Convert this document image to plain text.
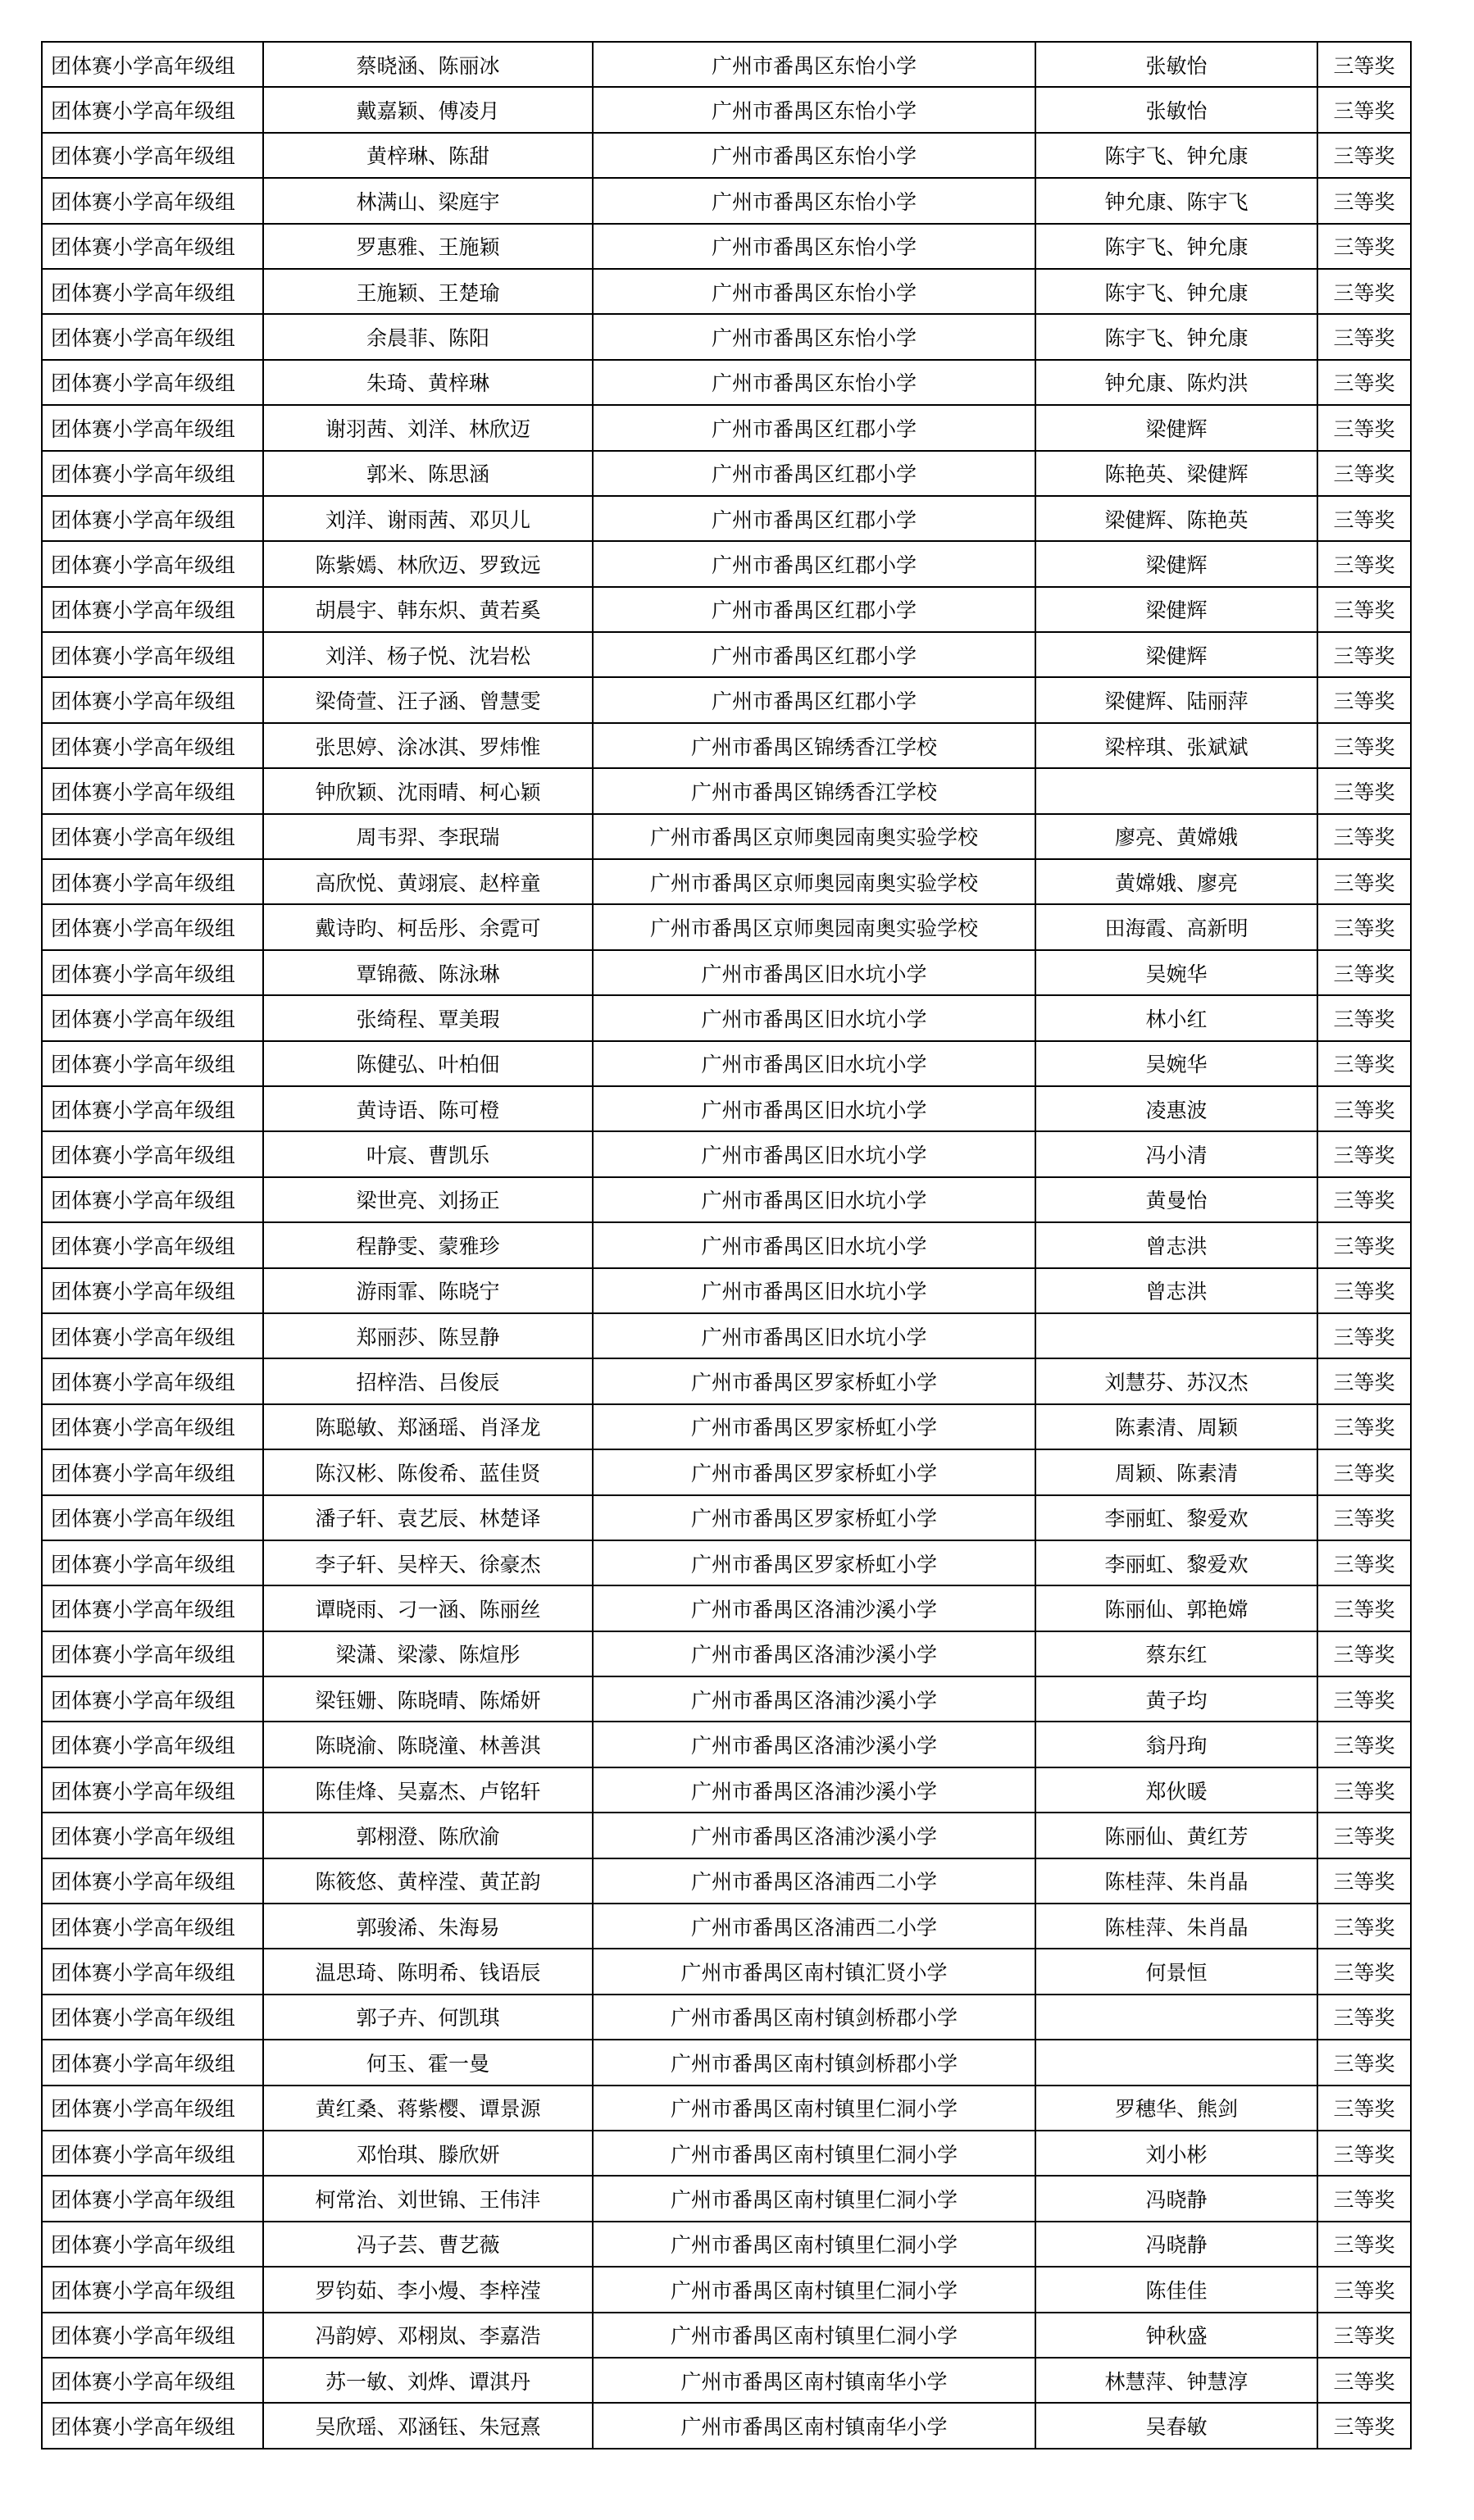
团体赛小学高年级组	蔡晓涵、陈丽冰	广州市番禺区东怡小学	张敏怡	三等奖
团体赛小学高年级组	戴嘉颖、傅凌月	广州市番禺区东怡小学	张敏怡	三等奖
团体赛小学高年级组	黄梓琳、陈甜	广州市番禺区东怡小学	陈宇飞、钟允康	三等奖
团体赛小学高年级组	林满山、梁庭宇	广州市番禺区东怡小学	钟允康、陈宇飞	三等奖
团体赛小学高年级组	罗惠雅、王施颖	广州市番禺区东怡小学	陈宇飞、钟允康	三等奖
团体赛小学高年级组	王施颖、王楚瑜	广州市番禺区东怡小学	陈宇飞、钟允康	三等奖
团体赛小学高年级组	余晨菲、陈阳	广州市番禺区东怡小学	陈宇飞、钟允康	三等奖
团体赛小学高年级组	朱琦、黄梓琳	广州市番禺区东怡小学	钟允康、陈灼洪	三等奖
团体赛小学高年级组	谢羽茜、刘洋、林欣迈	广州市番禺区红郡小学	梁健辉	三等奖
团体赛小学高年级组	郭米、陈思涵	广州市番禺区红郡小学	陈艳英、梁健辉	三等奖
团体赛小学高年级组	刘洋、谢雨茜、邓贝儿	广州市番禺区红郡小学	梁健辉、陈艳英	三等奖
团体赛小学高年级组	陈紫嫣、林欣迈、罗致远	广州市番禺区红郡小学	梁健辉	三等奖
团体赛小学高年级组	胡晨宇、韩东炽、黄若奚	广州市番禺区红郡小学	梁健辉	三等奖
团体赛小学高年级组	刘洋、杨子悦、沈岩松	广州市番禺区红郡小学	梁健辉	三等奖
团体赛小学高年级组	梁倚萱、汪子涵、曾慧雯	广州市番禺区红郡小学	梁健辉、陆丽萍	三等奖
团体赛小学高年级组	张思婷、涂冰淇、罗炜惟	广州市番禺区锦绣香江学校	梁梓琪、张斌斌	三等奖
团体赛小学高年级组	钟欣颖、沈雨晴、柯心颖	广州市番禺区锦绣香江学校		三等奖
团体赛小学高年级组	周韦羿、李珉瑞	广州市番禺区京师奥园南奥实验学校	廖亮、黄嫦娥	三等奖
团体赛小学高年级组	高欣悦、黄翊宸、赵梓童	广州市番禺区京师奥园南奥实验学校	黄嫦娥、廖亮	三等奖
团体赛小学高年级组	戴诗昀、柯岳彤、余霓可	广州市番禺区京师奥园南奥实验学校	田海霞、高新明	三等奖
团体赛小学高年级组	覃锦薇、陈泳琳	广州市番禺区旧水坑小学	吴婉华	三等奖
团体赛小学高年级组	张绮程、覃美瑕	广州市番禺区旧水坑小学	林小红	三等奖
团体赛小学高年级组	陈健弘、叶柏佃	广州市番禺区旧水坑小学	吴婉华	三等奖
团体赛小学高年级组	黄诗语、陈可橙	广州市番禺区旧水坑小学	凌惠波	三等奖
团体赛小学高年级组	叶宸、曹凯乐	广州市番禺区旧水坑小学	冯小清	三等奖
团体赛小学高年级组	梁世亮、刘扬正	广州市番禺区旧水坑小学	黄曼怡	三等奖
团体赛小学高年级组	程静雯、蒙雅珍	广州市番禺区旧水坑小学	曾志洪	三等奖
团体赛小学高年级组	游雨霏、陈晓宁	广州市番禺区旧水坑小学	曾志洪	三等奖
团体赛小学高年级组	郑丽莎、陈昱静	广州市番禺区旧水坑小学		三等奖
团体赛小学高年级组	招梓浩、吕俊辰	广州市番禺区罗家桥虹小学	刘慧芬、苏汉杰	三等奖
团体赛小学高年级组	陈聪敏、郑涵瑶、肖泽龙	广州市番禺区罗家桥虹小学	陈素清、周颖	三等奖
团体赛小学高年级组	陈汉彬、陈俊希、蓝佳贤	广州市番禺区罗家桥虹小学	周颖、陈素清	三等奖
团体赛小学高年级组	潘子轩、袁艺辰、林楚译	广州市番禺区罗家桥虹小学	李丽虹、黎爱欢	三等奖
团体赛小学高年级组	李子轩、吴梓天、徐豪杰	广州市番禺区罗家桥虹小学	李丽虹、黎爱欢	三等奖
团体赛小学高年级组	谭晓雨、刁一涵、陈丽丝	广州市番禺区洛浦沙溪小学	陈丽仙、郭艳嫦	三等奖
团体赛小学高年级组	梁潇、梁濛、陈煊彤	广州市番禺区洛浦沙溪小学	蔡东红	三等奖
团体赛小学高年级组	梁钰姗、陈晓晴、陈烯妍	广州市番禺区洛浦沙溪小学	黄子均	三等奖
团体赛小学高年级组	陈晓渝、陈晓潼、林善淇	广州市番禺区洛浦沙溪小学	翁丹珣	三等奖
团体赛小学高年级组	陈佳烽、吴嘉杰、卢铭轩	广州市番禺区洛浦沙溪小学	郑伙暖	三等奖
团体赛小学高年级组	郭栩澄、陈欣渝	广州市番禺区洛浦沙溪小学	陈丽仙、黄红芳	三等奖
团体赛小学高年级组	陈筱悠、黄梓滢、黄芷韵	广州市番禺区洛浦西二小学	陈桂萍、朱肖晶	三等奖
团体赛小学高年级组	郭骏浠、朱海易	广州市番禺区洛浦西二小学	陈桂萍、朱肖晶	三等奖
团体赛小学高年级组	温思琦、陈明希、钱语辰	广州市番禺区南村镇汇贤小学	何景恒	三等奖
团体赛小学高年级组	郭子卉、何凯琪	广州市番禺区南村镇剑桥郡小学		三等奖
团体赛小学高年级组	何玉、霍一曼	广州市番禺区南村镇剑桥郡小学		三等奖
团体赛小学高年级组	黄红桑、蒋紫樱、谭景源	广州市番禺区南村镇里仁洞小学	罗穗华、熊剑	三等奖
团体赛小学高年级组	邓怡琪、滕欣妍	广州市番禺区南村镇里仁洞小学	刘小彬	三等奖
团体赛小学高年级组	柯常治、刘世锦、王伟沣	广州市番禺区南村镇里仁洞小学	冯晓静	三等奖
团体赛小学高年级组	冯子芸、曹艺薇	广州市番禺区南村镇里仁洞小学	冯晓静	三等奖
团体赛小学高年级组	罗钧茹、李小熳、李梓滢	广州市番禺区南村镇里仁洞小学	陈佳佳	三等奖
团体赛小学高年级组	冯韵婷、邓栩岚、李嘉浩	广州市番禺区南村镇里仁洞小学	钟秋盛	三等奖
团体赛小学高年级组	苏一敏、刘烨、谭淇丹	广州市番禺区南村镇南华小学	林慧萍、钟慧淳	三等奖
团体赛小学高年级组	吴欣瑶、邓涵钰、朱冠熹	广州市番禺区南村镇南华小学	吴春敏	三等奖
